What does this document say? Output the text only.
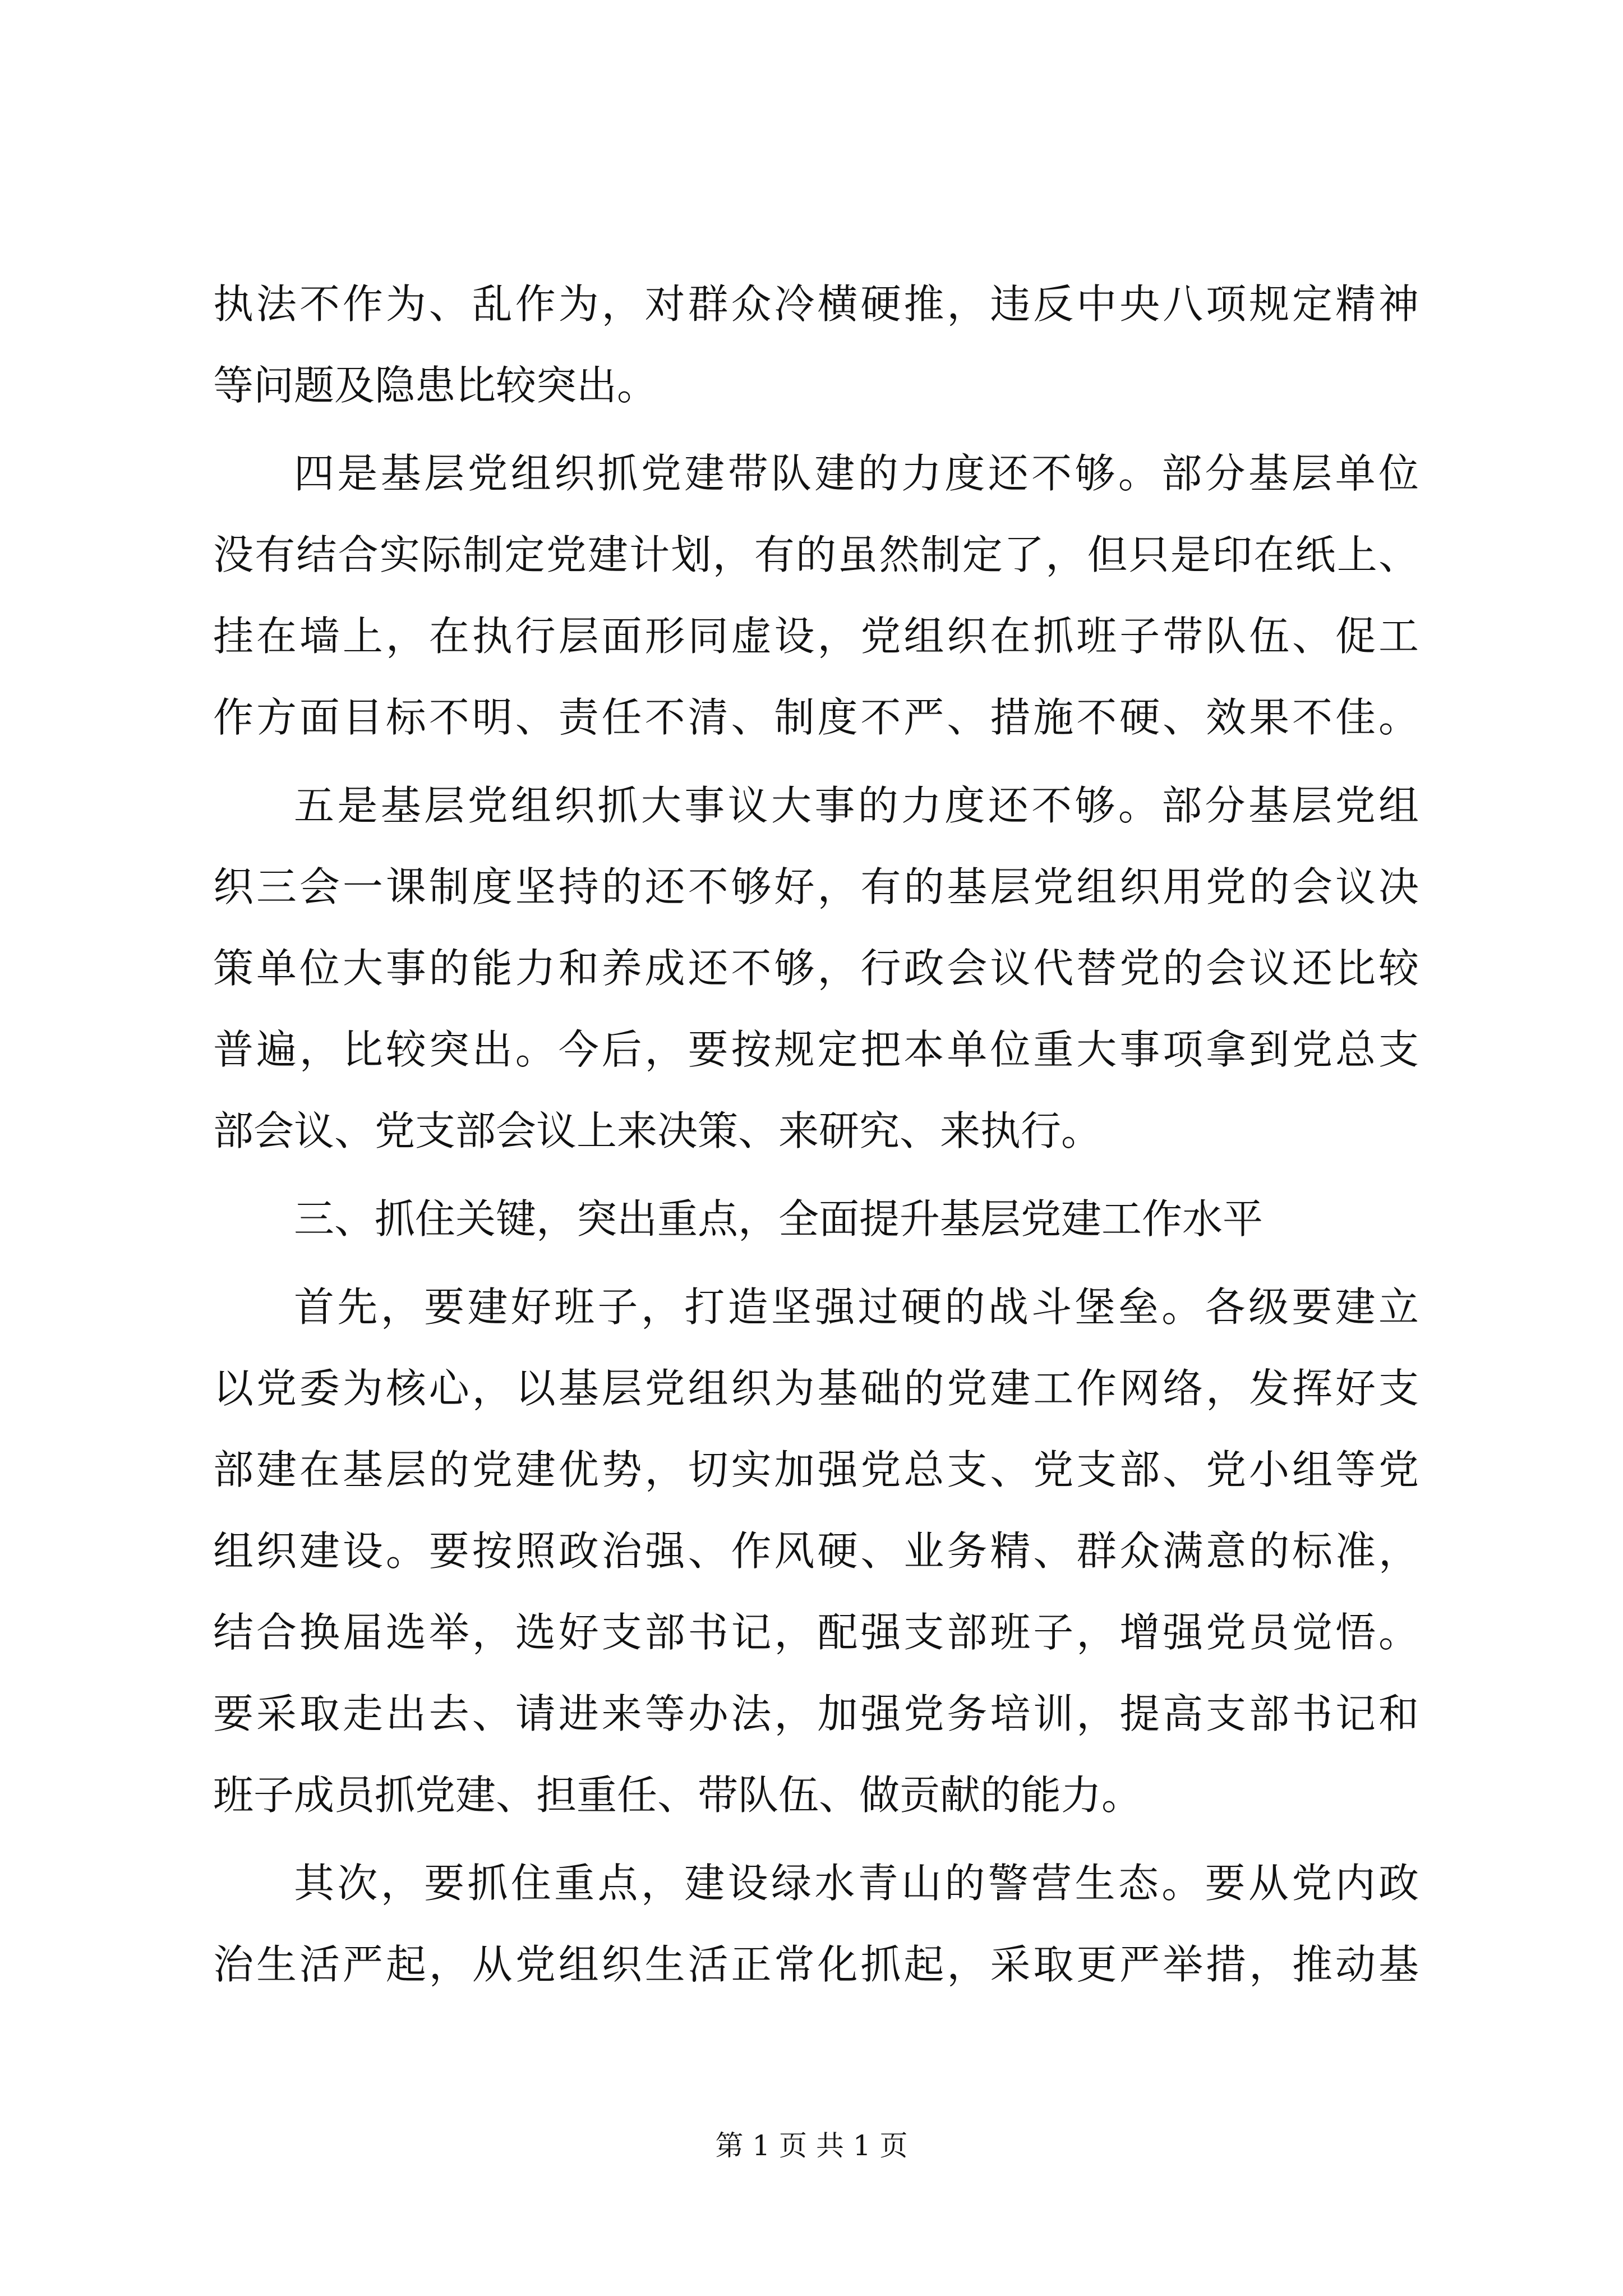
执法不作为、乱作为，对群众冷横硬推，违反中央八项规定精神
等问题及隐患比较突出。
四是基层党组织抓党建带队建的力度还不够。部分基层单位
没有结合实际制定党建计划，有的虽然制定了，但只是印在纸上、
挂在墙上，在执行层面形同虚设，党组织在抓班子带队伍、促工
作方面目标不明、责任不清、制度不严、措施不硬、效果不佳。
五是基层党组织抓大事议大事的力度还不够。部分基层党组
织三会一课制度坚持的还不够好，有的基层党组织用党的会议决
策单位大事的能力和养成还不够，行政会议代替党的会议还比较
普遍，比较突出。今后，要按规定把本单位重大事项拿到党总支
部会议、党支部会议上来决策、来研究、来执行。
三、抓住关键，突出重点，全面提升基层党建工作水平
首先，要建好班子，打造坚强过硬的战斗堡垒。各级要建立
以党委为核心，以基层党组织为基础的党建工作网络，发挥好支
部建在基层的党建优势，切实加强党总支、党支部、党小组等党
组织建设。要按照政治强、作风硬、业务精、群众满意的标准，
结合换届选举，选好支部书记，配强支部班子，增强党员觉悟。
要采取走出去、请进来等办法，加强党务培训，提高支部书记和
班子成员抓党建、担重任、带队伍、做贡献的能力。
其次，要抓住重点，建设绿水青山的警营生态。要从党内政
治生活严起，从党组织生活正常化抓起，采取更严举措，推动基
第 1 页 共 1 页
